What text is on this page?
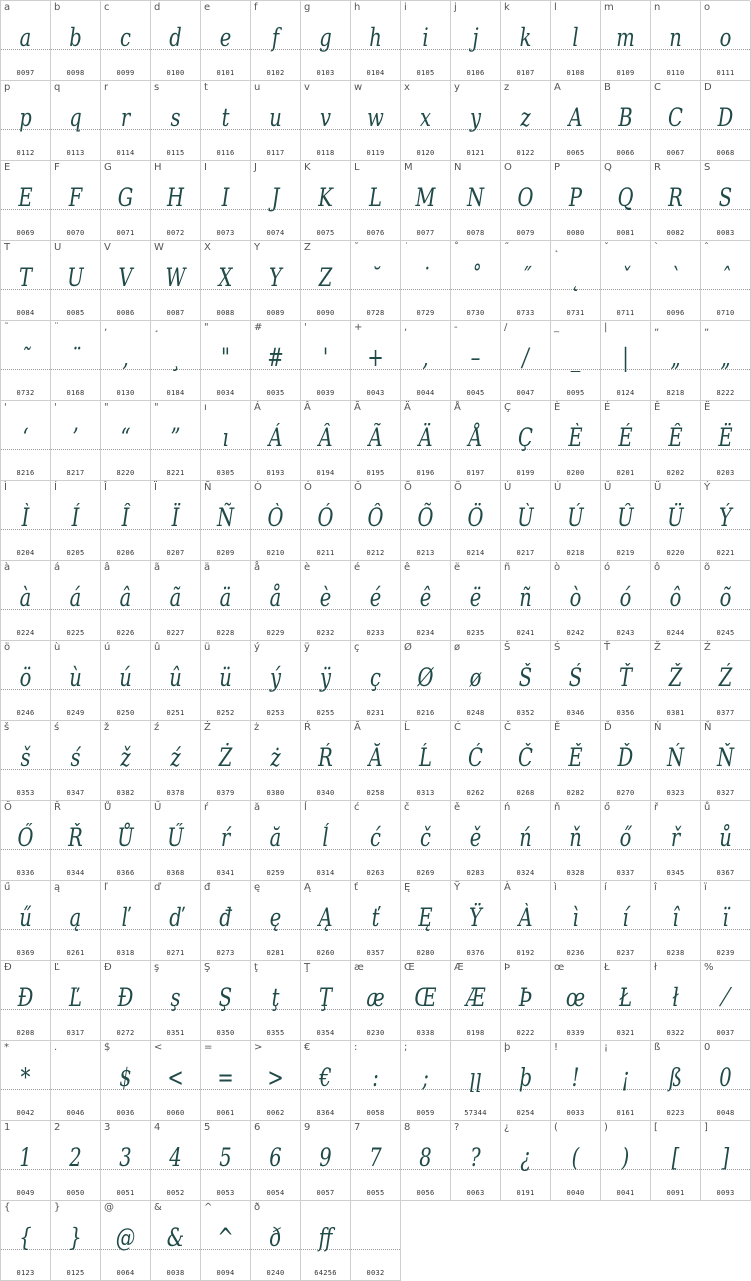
a
a
0097
b
b
0098
c
c
0099
d
d
0100
e
e
0101
f
f
0102
g
g
0103
h
h
0104
i
i
0105
j
j
0106
k
k
0107
l
l
0108
m
m
0109
n
n
0110
o
o
0111
p
p
0112
q
q
0113
r
r
0114
s
s
0115
t
t
0116
u
u
0117
v
v
0118
w
w
0119
x
x
0120
y
y
0121
z
z
0122
A
A
0065
B
B
0066
C
C
0067
D
D
0068
E
E
0069
F
F
0070
G
G
0071
H
H
0072
I
I
0073
J
J
0074
K
K
0075
L
L
0076
M
M
0077
N
N
0078
O
O
0079
P
P
0080
Q
Q
0081
R
R
0082
S
S
0083
T
T
0084
U
U
0085
V
V
0086
W
W
0087
X
X
0088
Y
Y
0089
Z
Z
0090
˘
˘
0728
˙
˙
0729
˚
˚
0730
˝
˝
0733
˛
˛
0731
ˇ
ˇ
0711
`
`
0096
ˆ
ˆ
0710
˜
˜
0732
¨
¨
0168
‚
‚
0130
¸
¸
0184
"
"
0034
#
#
0035
'
'
0039
+
+
0043
,
,
0044
-
–
0045
/
/
0047
_
_
0095
|
|
0124
„
„
8218
„
„
8222
'
‘
8216
'
’
8217
"
“
8220
"
”
8221
ı
ı
0305
Á
Á
0193
Â
Â
0194
Ã
Ã
0195
Ä
Ä
0196
Å
Å
0197
Ç
Ç
0199
È
È
0200
É
É
0201
Ê
Ê
0202
Ë
Ë
0203
Ì
Ì
0204
Í
Í
0205
Î
Î
0206
Ï
Ï
0207
Ñ
Ñ
0209
Ò
Ò
0210
Ó
Ó
0211
Ô
Ô
0212
Õ
Õ
0213
Ö
Ö
0214
Ù
Ù
0217
Ú
Ú
0218
Û
Û
0219
Ü
Ü
0220
Ý
Ý
0221
à
à
0224
á
á
0225
â
â
0226
ã
ã
0227
ä
ä
0228
å
å
0229
è
è
0232
é
é
0233
ê
ê
0234
ë
ë
0235
ñ
ñ
0241
ò
ò
0242
ó
ó
0243
ô
ô
0244
õ
õ
0245
ö
ö
0246
ù
ù
0249
ú
ú
0250
û
û
0251
ü
ü
0252
ý
ý
0253
ÿ
ÿ
0255
ç
ç
0231
Ø
Ø
0216
ø
ø
0248
Š
Š
0352
Ś
Ś
0346
Ť
Ť
0356
Ž
Ž
0381
Ź
Ź
0377
š
š
0353
ś
ś
0347
ž
ž
0382
ź
ź
0378
Ż
Ż
0379
ż
ż
0380
Ŕ
Ŕ
0340
Ă
Ă
0258
Ĺ
Ĺ
0313
Ć
Ć
0262
Č
Č
0268
Ě
Ě
0282
Ď
Ď
0270
Ń
Ń
0323
Ň
Ň
0327
Ő
Ő
0336
Ř
Ř
0344
Ů
Ů
0366
Ű
Ű
0368
ŕ
ŕ
0341
ă
ă
0259
ĺ
ĺ
0314
ć
ć
0263
č
č
0269
ě
ě
0283
ń
ń
0324
ň
ň
0328
ő
ő
0337
ř
ř
0345
ů
ů
0367
ű
ű
0369
ą
ą
0261
ľ
ľ
0318
ď
ď
0271
đ
đ
0273
ę
ę
0281
Ą
Ą
0260
ť
ť
0357
Ę
Ę
0280
Ÿ
Ÿ
0376
À
À
0192
ì
ì
0236
í
í
0237
î
î
0238
ï
ï
0239
Ð
Đ
0208
Ľ
Ľ
0317
Đ
Đ
0272
ş
ş
0351
Ş
Ş
0350
ţ
ţ
0355
Ţ
Ţ
0354
æ
æ
0230
Œ
Œ
0338
Æ
Æ
0198
Þ
Þ
0222
œ
œ
0339
Ł
Ł
0321
ł
ł
0322
%
⁄
0037
*
*
0042
.
0046
$
$
0036
<
<
0060
=
=
0061
>
>
0062
€
€
8364
:
:
0058
;
;
0059
ꞁꞁ
57344
þ
þ
0254
!
!
0033
¡
¡
0161
ß
ß
0223
0
0
0048
1
1
0049
2
2
0050
3
3
0051
4
4
0052
5
5
0053
6
6
0054
9
9
0057
7
7
0055
8
8
0056
?
?
0063
¿
¿
0191
(
(
0040
)
)
0041
[
[
0091
]
]
0093
{
{
0123
}
}
0125
@
@
0064
&
&
0038
^
^
0094
ð
ð
0240
ff
64256	0032
